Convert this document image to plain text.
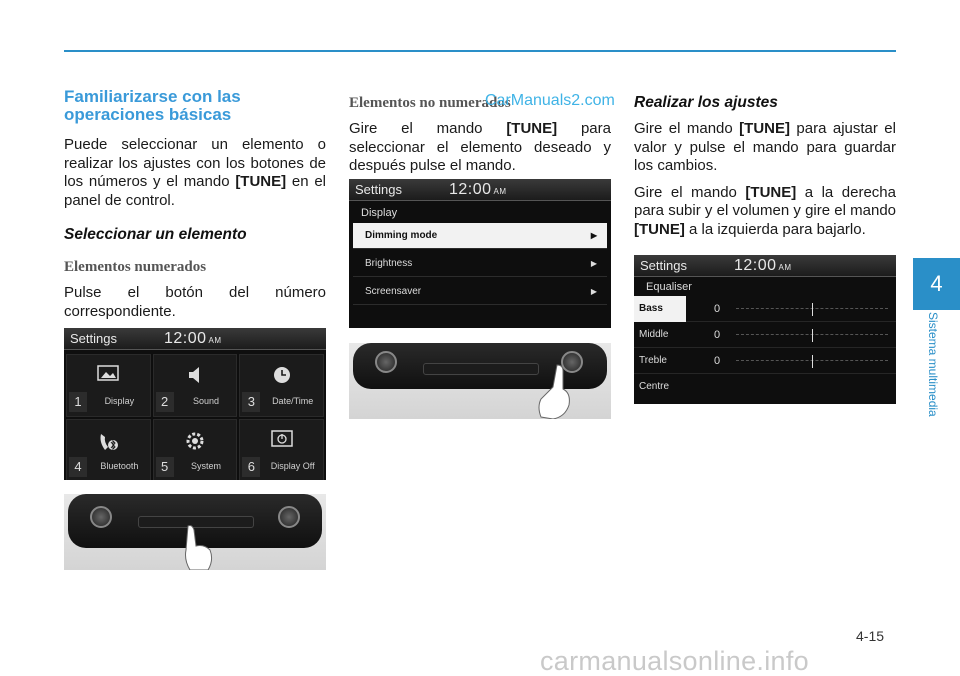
Familiarizarse con las operaciones básicas

Puede seleccionar un elemento o realizar los ajustes con los botones de los números y el mando [TUNE] en el panel de control.

Seleccionar un elemento
Elementos numerados

Pulse el botón del número correspondiente.

Elementos no numerados

Gire el mando [TUNE] para seleccionar el elemento deseado y después pulse el mando.

CarManuals2.com Realizar los ajustes

Gire el mando [TUNE] para ajustar el valor y pulse el mando para guardar los cambios.

Gire el mando [TUNE] a la derecha para subir y el volumen y gire el mando [TUNE] a la izquierda para bajarlo.

Settings	12:00 AM
1	Display	2	Sound	3	Date/Time
4	Bluetooth	5	System	6	Display Off
Settings	12:00 AM
Display
Dimming mode	▶
Brightness	▶
Screensaver	▶
Settings	12:00 AM
Equaliser
Bass	0
Middle	0
Treble	0
Centre
4
Sistema multimedia
4-15
carmanualsonline.info
